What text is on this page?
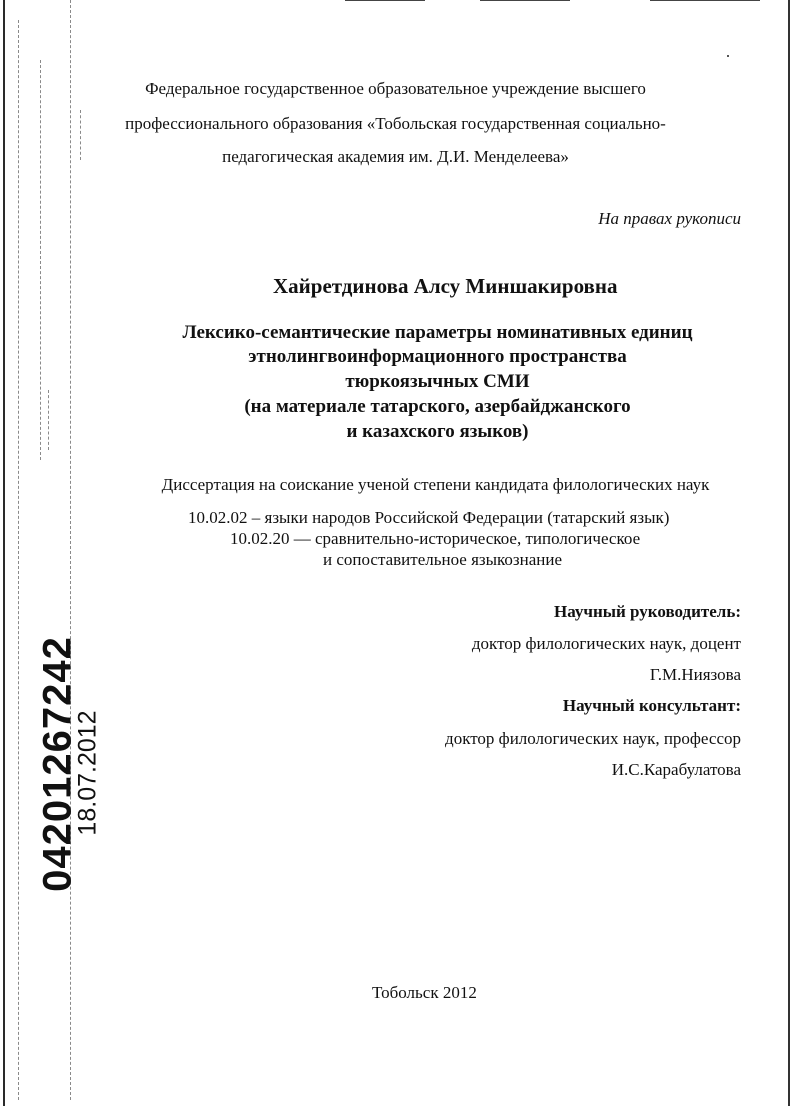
Федеральное государственное образовательное учреждение высшего
профессионального образования «Тобольская государственная социально-
педагогическая академия им. Д.И. Менделеева»
На правах рукописи
Хайретдинова Алсу Миншакировна
Лексико-семантические параметры номинативных единиц
этнолингвоинформационного пространства
тюркоязычных СМИ
(на материале татарского, азербайджанского
и казахского языков)
Диссертация на соискание ученой степени кандидата филологических наук
10.02.02 – языки народов Российской Федерации (татарский язык)
10.02.20 — сравнительно-историческое, типологическое
и сопоставительное языкознание
Научный руководитель:
доктор филологических наук, доцент
Г.М.Ниязова
Научный консультант:
доктор филологических наук, профессор
И.С.Карабулатова
Тобольск 2012
04201267242
18.07.2012
